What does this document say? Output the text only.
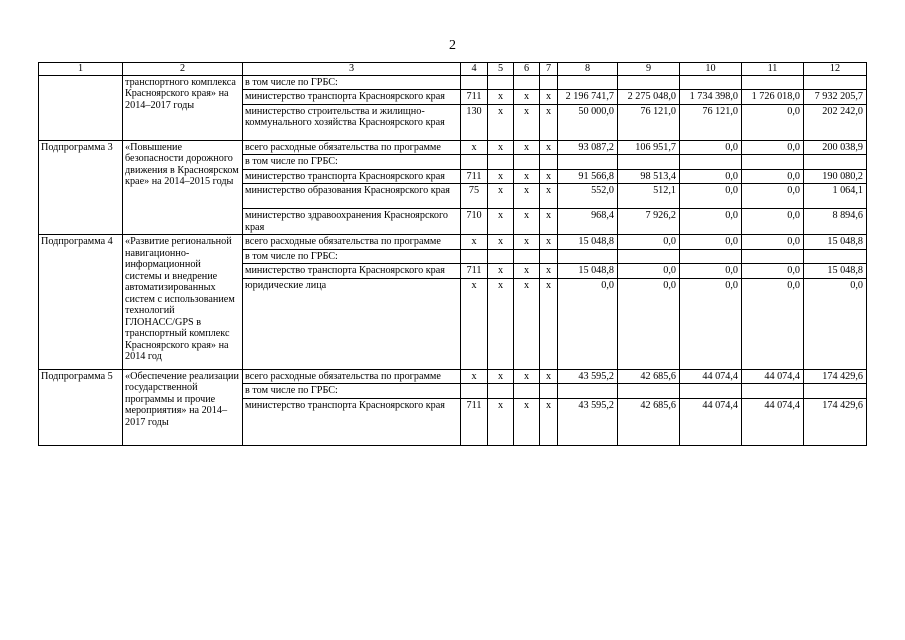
2
1	2	3	4	5	6	7	8	9	10	11	12
	транспортного комплекса Красноярского края» на 2014–2017 годы	в том числе по ГРБС:									
		министерство транспорта Красноярского края	711	х	х	х	2 196 741,7	2 275 048,0	1 734 398,0	1 726 018,0	7 932 205,7
		министерство строительства и жилищно-коммунального хозяйства Красноярского края	130	х	х	х	50 000,0	76 121,0	76 121,0	0,0	202 242,0
Подпрограмма 3	«Повышение безопасности дорожного движения в Красноярском крае» на 2014–2015 годы	всего расходные обязательства по программе	х	х	х	х	93 087,2	106 951,7	0,0	0,0	200 038,9
		в том числе по ГРБС:									
		министерство транспорта Красноярского края	711	х	х	х	91 566,8	98 513,4	0,0	0,0	190 080,2
		министерство образования Красноярского края	75	х	х	х	552,0	512,1	0,0	0,0	1 064,1
		министерство здравоохранения Красноярского края	710	х	х	х	968,4	7 926,2	0,0	0,0	8 894,6
Подпрограмма 4	«Развитие региональной навигационно-информационной системы и внедрение автоматизированных систем с использованием технологий ГЛОНАСС/GPS в транспортный комплекс Красноярского края» на 2014 год	всего расходные обязательства по программе	х	х	х	х	15 048,8	0,0	0,0	0,0	15 048,8
		в том числе по ГРБС:									
		министерство транспорта Красноярского края	711	х	х	х	15 048,8	0,0	0,0	0,0	15 048,8
		юридические лица	х	х	х	х	0,0	0,0	0,0	0,0	0,0
Подпрограмма 5	«Обеспечение реализации государственной программы и прочие мероприятия» на 2014–2017 годы	всего расходные обязательства по программе	х	х	х	х	43 595,2	42 685,6	44 074,4	44 074,4	174 429,6
		в том числе по ГРБС:									
		министерство транспорта Красноярского края	711	х	х	х	43 595,2	42 685,6	44 074,4	44 074,4	174 429,6
